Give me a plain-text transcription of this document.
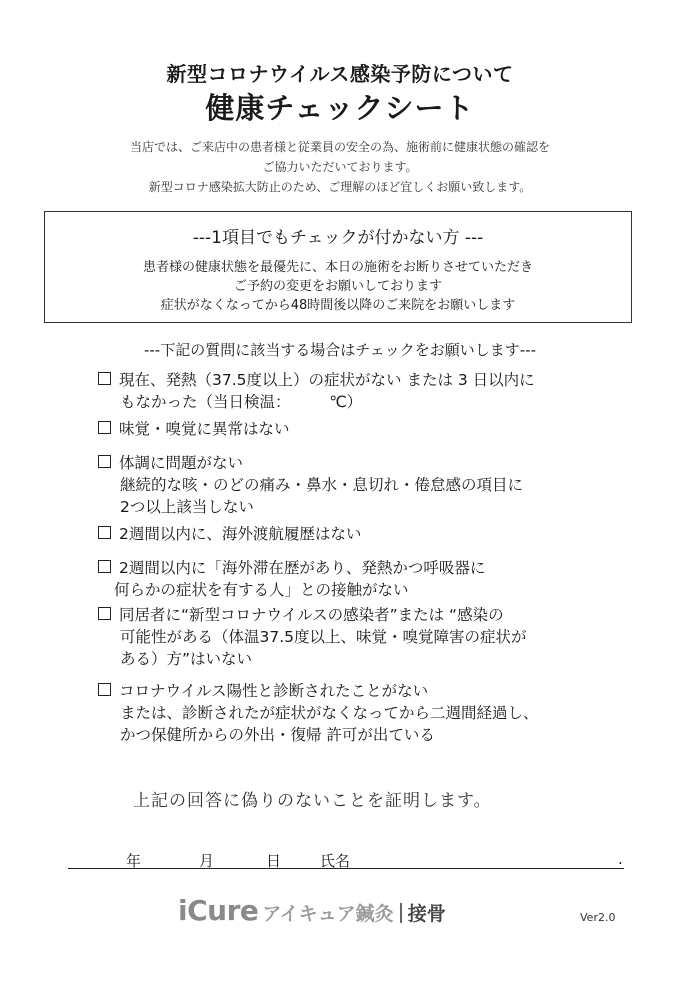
新型コロナウイルス感染予防について
健康チェックシート
当店では、ご来店中の患者様と従業員の安全の為、施術前に健康状態の確認を
ご協力いただいております。
新型コロナ感染拡大防止のため、ご理解のほど宜しくお願い致します。
---1項目でもチェックが付かない方 ---
患者様の健康状態を最優先に、本日の施術をお断りさせていただき
ご予約の変更をお願いしております
症状がなくなってから48時間後以降のご来院をお願いします
---下記の質問に該当する場合はチェックをお願いします---
現在、発熱（37.5度以上）の症状がない または 3 日以内に
もなかった（当日検温：　　　℃）
味覚・嗅覚に異常はない
体調に問題がない
継続的な咳・のどの痛み・鼻水・息切れ・倦怠感の項目に
2つ以上該当しない
2週間以内に、海外渡航履歴はない
2週間以内に「海外滞在歴があり、発熱かつ呼吸器に
何らかの症状を有する人」との接触がない
同居者に“新型コロナウイルスの感染者”または “感染の
可能性がある（体温37.5度以上、味覚・嗅覚障害の症状が
ある）方”はいない
コロナウイルス陽性と診断されたことがない
または、診断されたが症状がなくなってから二週間経過し、
かつ保健所からの外出・復帰 許可が出ている
上記の回答に偽りのないことを証明します。
年	月	日	氏名	.
iCure アイキュア鍼灸 接骨	Ver2.0
